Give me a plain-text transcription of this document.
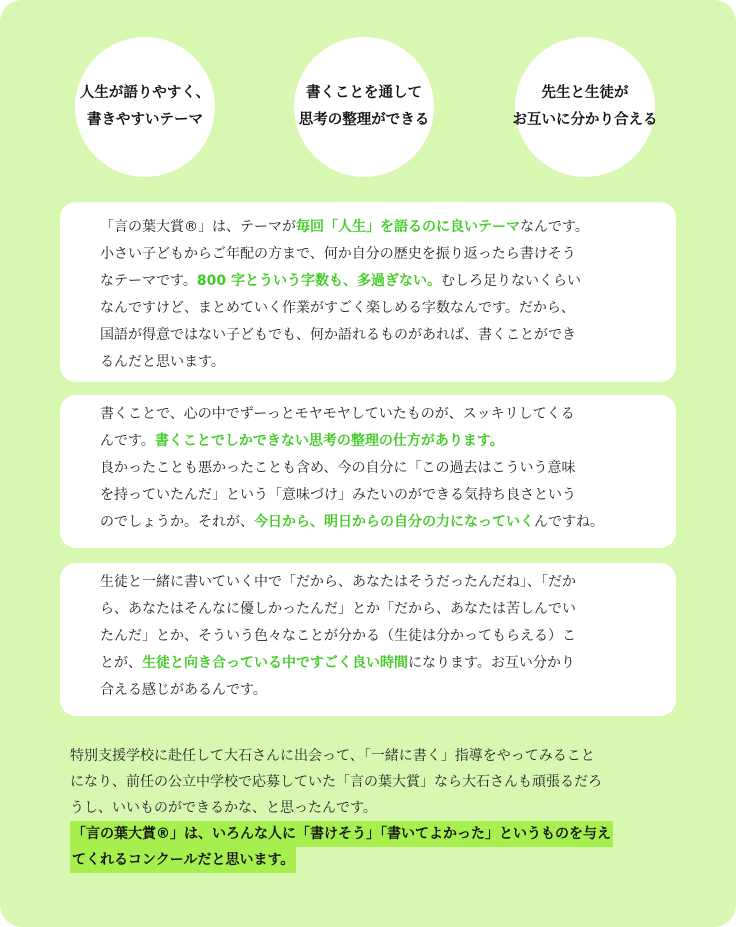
人生が語りやすく、
書きやすいテーマ
書くことを通して
思考の整理ができる
先生と生徒が
お互いに分かり合える
「言の葉大賞®」は、テーマが毎回「人生」を語るのに良いテーマなんです。
小さい子どもからご年配の方まで、何か自分の歴史を振り返ったら書けそう
なテーマです。800 字とういう字数も、多過ぎない。むしろ足りないくらい
なんですけど、まとめていく作業がすごく楽しめる字数なんです。だから、
国語が得意ではない子どもでも、何か語れるものがあれば、書くことができ
るんだと思います。
書くことで、心の中でずーっとモヤモヤしていたものが、スッキリしてくる
んです。書くことでしかできない思考の整理の仕方があります。
良かったことも悪かったことも含め、今の自分に「この過去はこういう意味
を持っていたんだ」という「意味づけ」みたいのができる気持ち良さという
のでしょうか。それが、今日から、明日からの自分の力になっていくんですね。
生徒と一緒に書いていく中で「だから、あなたはそうだったんだね」、「だか
ら、あなたはそんなに優しかったんだ」とか「だから、あなたは苦しんでい
たんだ」とか、そういう色々なことが分かる（生徒は分かってもらえる）こ
とが、生徒と向き合っている中ですごく良い時間になります。お互い分かり
合える感じがあるんです。
特別支援学校に赴任して大石さんに出会って、「一緒に書く」指導をやってみること
になり、前任の公立中学校で応募していた「言の葉大賞」なら大石さんも頑張るだろ
うし、いいものができるかな、と思ったんです。
「言の葉大賞®」は、いろんな人に「書けそう」「書いてよかった」というものを与え
てくれるコンクールだと思います。
